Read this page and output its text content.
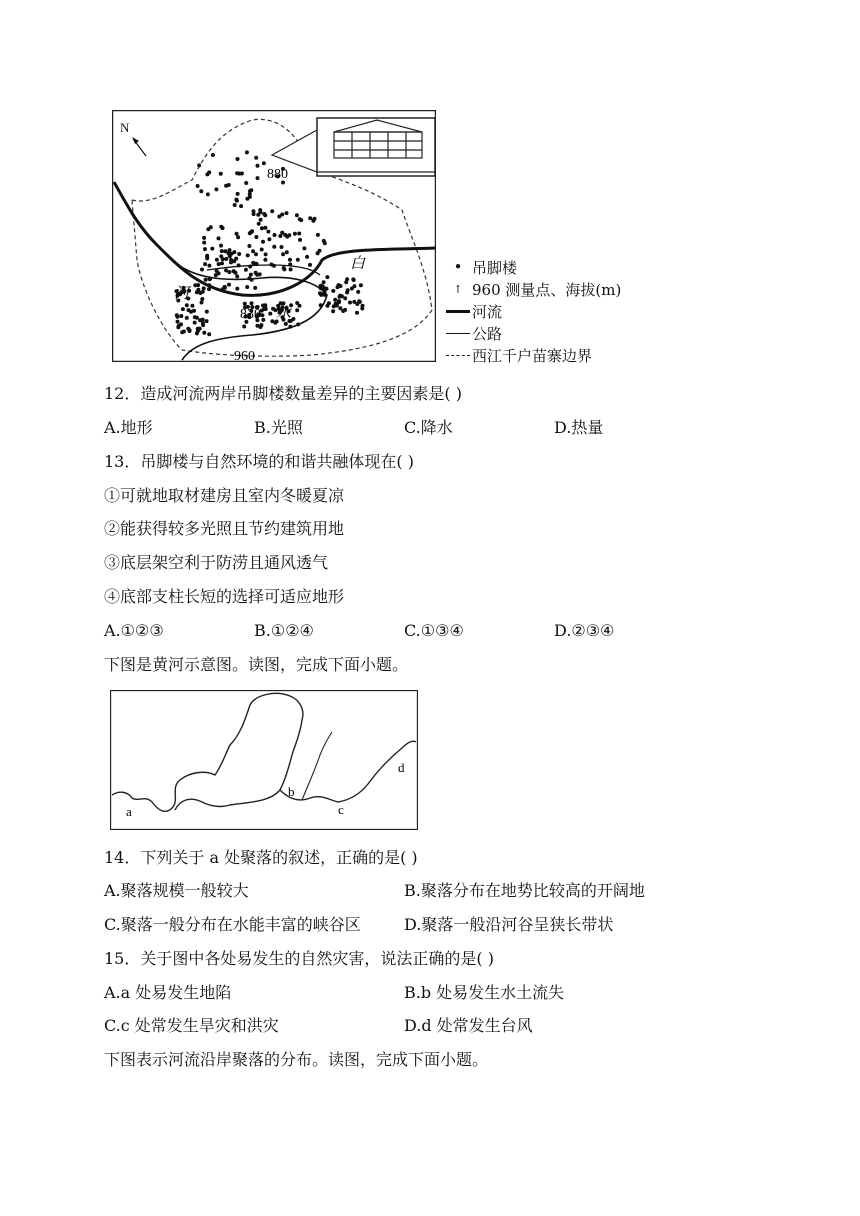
N
880
白
河
830 水
960
• 吊脚楼
↑ 960 测量点、海拔(m)
河流
公路
西江千户苗寨边界
12．造成河流两岸吊脚楼数量差异的主要因素是( )
A.地形	B.光照	C.降水	D.热量
13．吊脚楼与自然环境的和谐共融体现在( )
①可就地取材建房且室内冬暖夏凉
②能获得较多光照且节约建筑用地
③底层架空利于防涝且通风透气
④底部支柱长短的选择可适应地形
A.①②③	B.①②④	C.①③④	D.②③④
下图是黄河示意图。读图，完成下面小题。
a
b
c
d
14．下列关于 a 处聚落的叙述，正确的是( )
A.聚落规模一般较大	B.聚落分布在地势比较高的开阔地
C.聚落一般分布在水能丰富的峡谷区	D.聚落一般沿河谷呈狭长带状
15．关于图中各处易发生的自然灾害，说法正确的是( )
A.a 处易发生地陷	B.b 处易发生水土流失
C.c 处常发生旱灾和洪灾	D.d 处常发生台风
下图表示河流沿岸聚落的分布。读图，完成下面小题。
